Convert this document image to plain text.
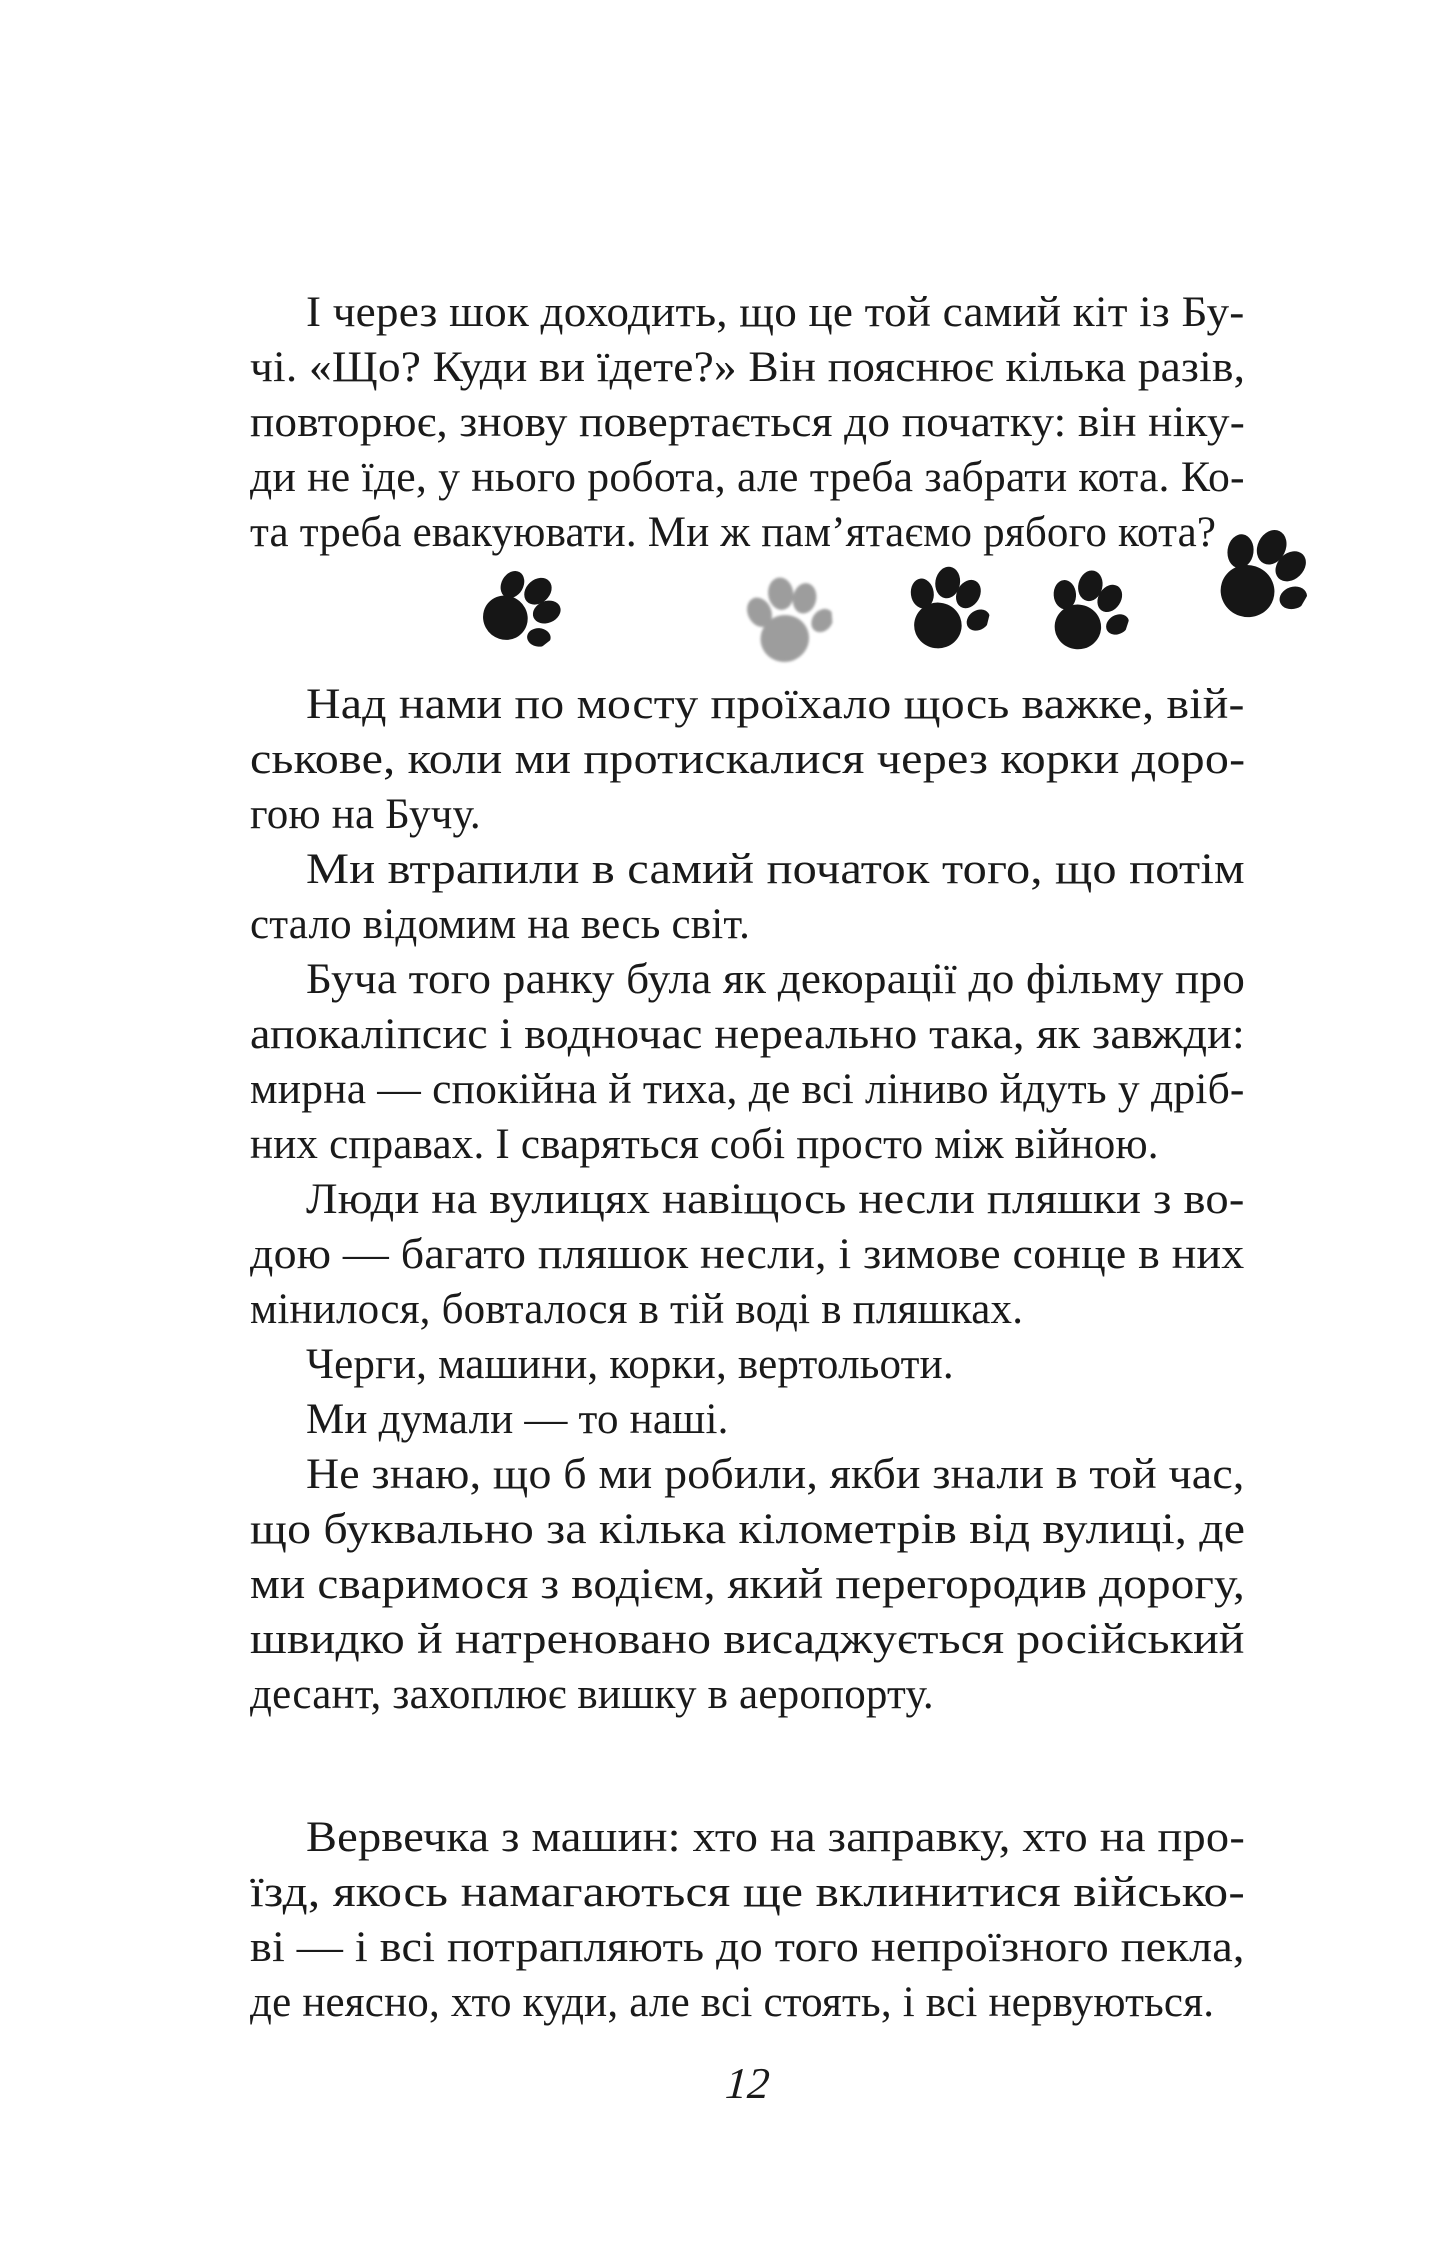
І через шок доходить, що це той самий кіт із Бу-
чі. «Що? Куди ви їдете?» Він пояснює кілька разів,
повторює, знову повертається до початку: він ніку-
ди не їде, у нього робота, але треба забрати кота. Ко-
та треба евакуювати. Ми ж пам’ятаємо рябого кота?
Над нами по мосту проїхало щось важке, вій-
ськове, коли ми протискалися через корки доро-
гою на Бучу.
Ми втрапили в самий початок того, що потім
стало відомим на весь світ.
Буча того ранку була як декорації до фільму про
апокаліпсис і водночас нереально така, як завжди:
мирна — спокійна й тиха, де всі ліниво йдуть у дріб-
них справах. І сваряться собі просто між війною.
Люди на вулицях навіщось несли пляшки з во-
дою — багато пляшок несли, і зимове сонце в них
мінилося, бовталося в тій воді в пляшках.
Черги, машини, корки, вертольоти.
Ми думали — то наші.
Не знаю, що б ми робили, якби знали в той час,
що буквально за кілька кілометрів від вулиці, де
ми сваримося з водієм, який перегородив дорогу,
швидко й натреновано висаджується російський
десант, захоплює вишку в аеропорту.
Вервечка з машин: хто на заправку, хто на про-
їзд, якось намагаються ще вклинитися військо-
ві — і всі потрапляють до того непроїзного пекла,
де неясно, хто куди, але всі стоять, і всі нервуються.
12
